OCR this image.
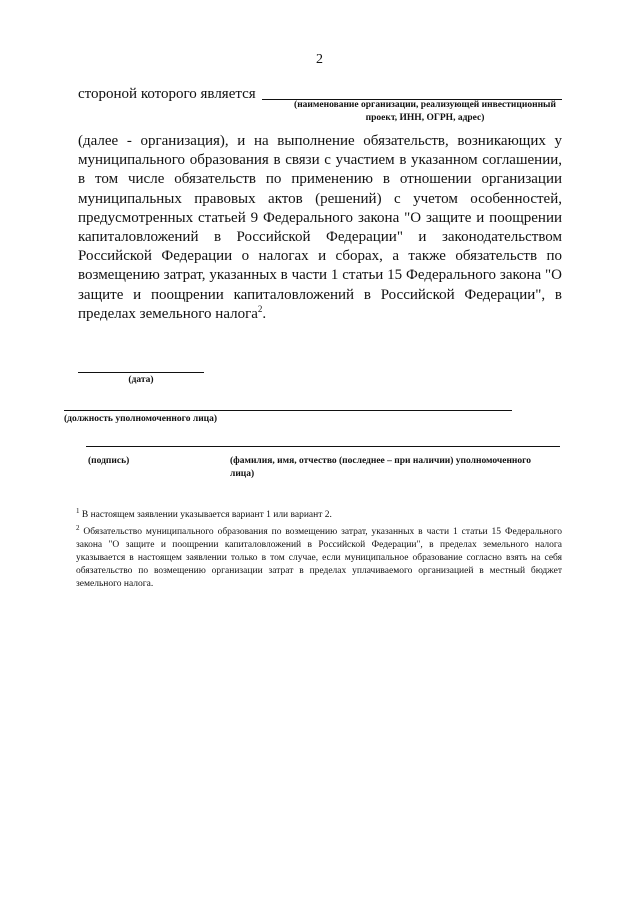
2
стороной которого является
(наименование организации, реализующей инвестиционный проект, ИНН, ОГРН, адрес)

(далее - организация), и на выполнение обязательств, возникающих у муниципального образования в связи с участием в указанном соглашении, в том числе обязательств по применению в отношении организации муниципальных правовых актов (решений) с учетом особенностей, предусмотренных статьей 9 Федерального закона "О защите и поощрении капиталовложений в Российской Федерации" и законодательством Российской Федерации о налогах и сборах, а также обязательств по возмещению затрат, указанных в части 1 статьи 15 Федерального закона "О защите и поощрении капиталовложений в Российской Федерации", в пределах земельного налога$^2$.

(дата)
(должность уполномоченного лица)
(подпись)	(фамилия, имя, отчество (последнее – при наличии) уполномоченного лица)

$^1$ В настоящем заявлении указывается вариант 1 или вариант 2.

$^2$ Обязательство муниципального образования по возмещению затрат, указанных в части 1 статьи 15 Федерального закона "О защите и поощрении капиталовложений в Российской Федерации", в пределах земельного налога указывается в настоящем заявлении только в том случае, если муниципальное образование согласно взять на себя обязательство по возмещению организации затрат в пределах уплачиваемого организацией в местный бюджет земельного налога.
